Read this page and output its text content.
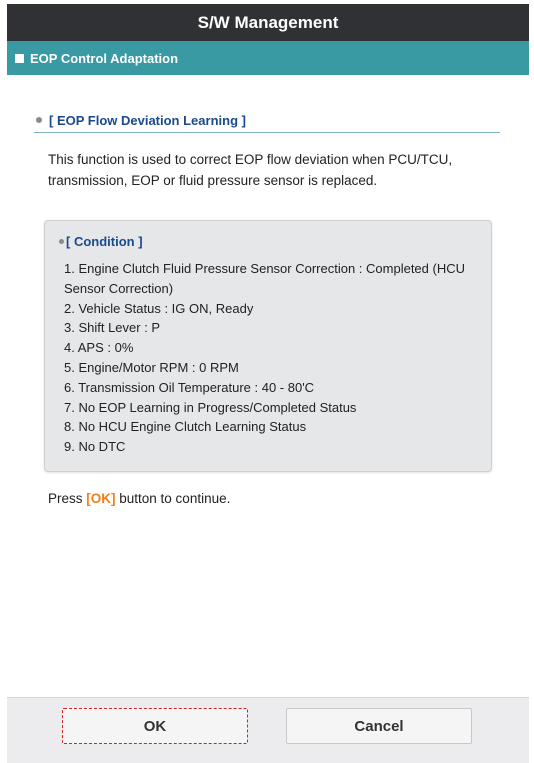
S/W Management
EOP Control Adaptation
[ EOP Flow Deviation Learning ]
This function is used to correct EOP flow deviation when PCU/TCU, transmission, EOP or fluid pressure sensor is replaced.
[ Condition ]
1. Engine Clutch Fluid Pressure Sensor Correction : Completed (HCU Sensor Correction)
2. Vehicle Status : IG ON, Ready
3. Shift Lever : P
4. APS : 0%
5. Engine/Motor RPM : 0 RPM
6. Transmission Oil Temperature : 40 - 80'C
7. No EOP Learning in Progress/Completed Status
8. No HCU Engine Clutch Learning Status
9. No DTC
Press [OK] button to continue.
OK	Cancel
